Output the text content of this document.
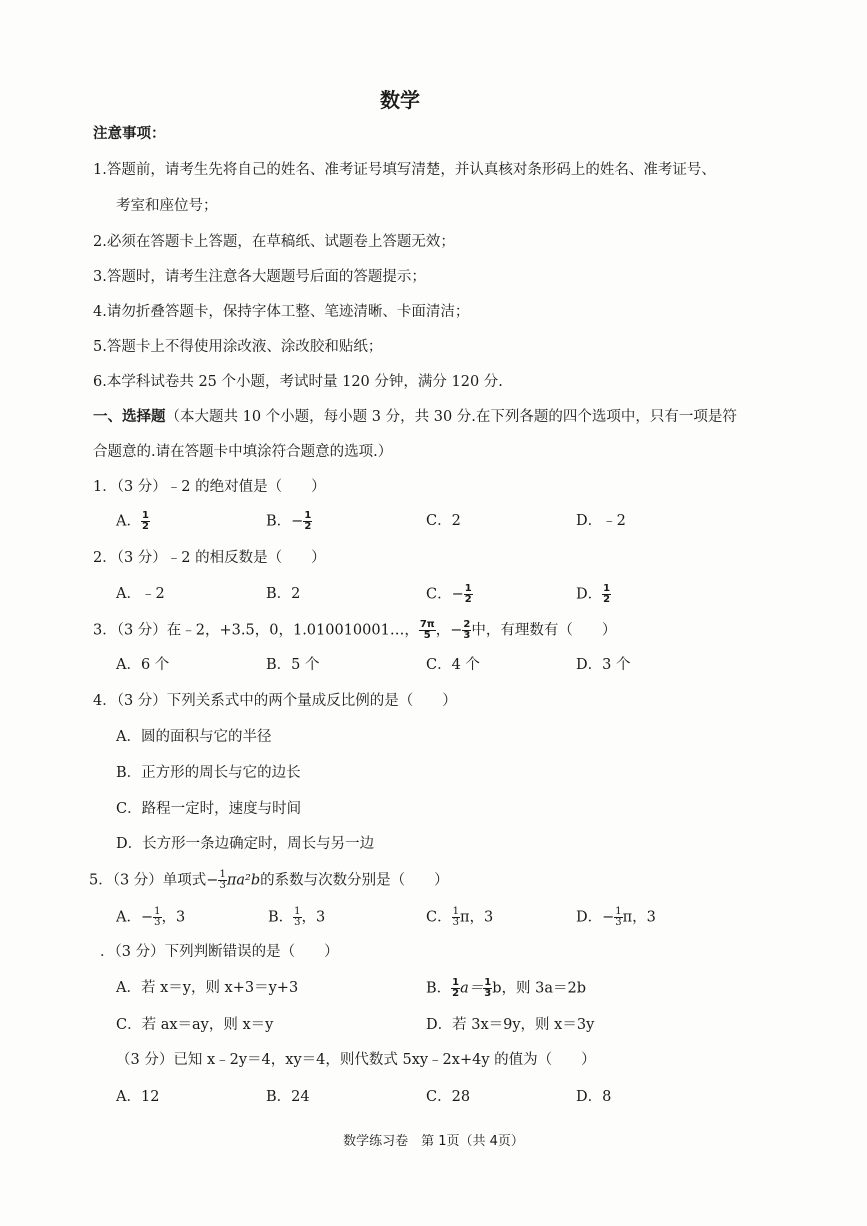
数学
注意事项：
1.答题前，请考生先将自己的姓名、准考证号填写清楚，并认真核对条形码上的姓名、准考证号、
考室和座位号；
2.必须在答题卡上答题，在草稿纸、试题卷上答题无效；
3.答题时，请考生注意各大题题号后面的答题提示；
4.请勿折叠答题卡，保持字体工整、笔迹清晰、卡面清洁；
5.答题卡上不得使用涂改液、涂改胶和贴纸；
6.本学科试卷共 25 个小题，考试时量 120 分钟，满分 120 分.
一、选择题（本大题共 10 个小题，每小题 3 分，共 30 分.在下列各题的四个选项中，只有一项是符
合题意的.请在答题卡中填涂符合题意的选项.）
1．（3 分）﹣2 的绝对值是（　　）
A． $\frac{1}{2}$	B．− $\frac{1}{2}$	C．2	D．﹣2
2．（3 分）﹣2 的相反数是（　　）
A．﹣2	B．2	C．− $\frac{1}{2}$	D． $\frac{1}{2}$
3．（3 分）在﹣2，+3.5，0，1.010010001…， $\frac{7\pi}{5}$ ，− $\frac{2}{3}$ 中，有理数有（　　）
A．6 个	B．5 个	C．4 个	D．3 个
4．（3 分）下列关系式中的两个量成反比例的是（　　）
A．圆的面积与它的半径
B．正方形的周长与它的边长
C．路程一定时，速度与时间
D．长方形一条边确定时，周长与另一边
5．（3 分）单项式− $\frac{1}{3} \pi a^2b$的系数与次数分别是（　　）
A．− $\frac{1}{3}$ ，3	B． $\frac{1}{3}$ ，3	C． $\frac{1}{3}$ π，3	D．− $\frac{1}{3}$ π，3
．（3 分）下列判断错误的是（　　）
A．若 x＝y，则 x+3＝y+3	B． $\frac{1}{2} a= \frac{1}{3}$ b，则 3a＝2b
C．若 ax＝ay，则 x＝y	D．若 3x＝9y，则 x＝3y
（3 分）已知 x﹣2y＝4，xy＝4，则代数式 5xy﹣2x+4y 的值为（　　）
A．12	B．24	C．28	D．8
数学练习卷　第 1页（共 4页）
